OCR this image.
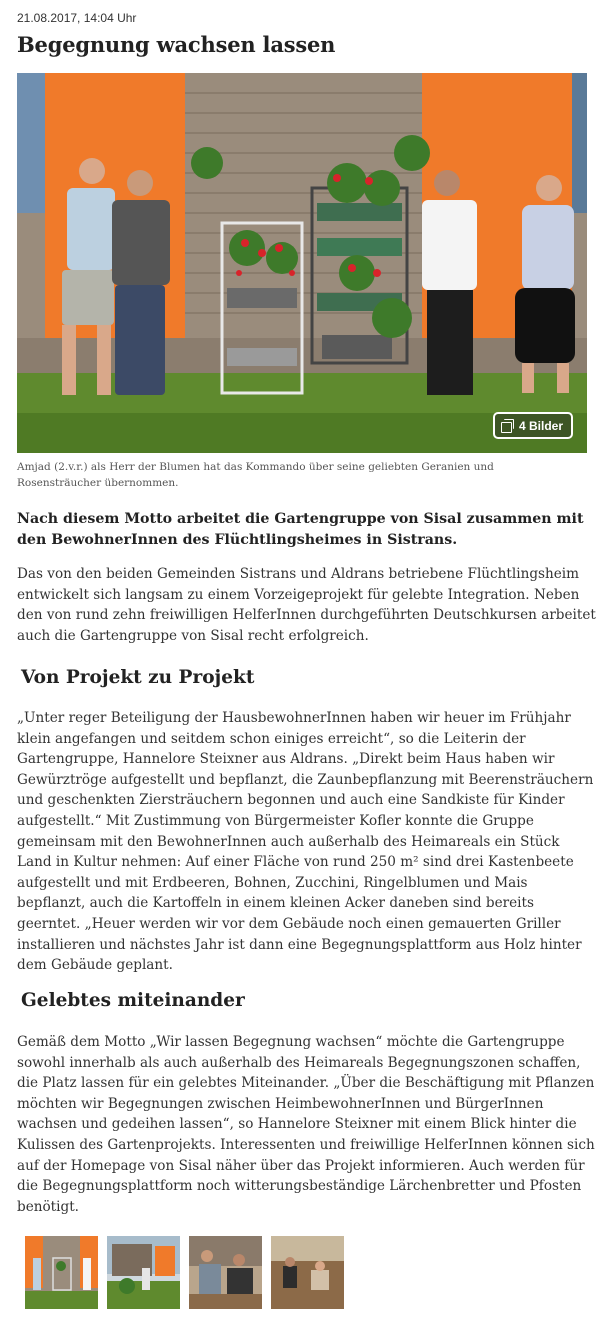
21.08.2017, 14:04 Uhr
Begegnung wachsen lassen
4 Bilder

Amjad (2.v.r.) als Herr der Blumen hat das Kommando über seine geliebten Geranien und Rosensträucher übernommen.

Nach diesem Motto arbeitet die Gartengruppe von Sisal zusammen mit den BewohnerInnen des Flüchtlingsheimes in Sistrans.

Das von den beiden Gemeinden Sistrans und Aldrans betriebene Flüchtlingsheim entwickelt sich langsam zu einem Vorzeigeprojekt für gelebte Integration. Neben den von rund zehn freiwilligen HelferInnen durchgeführten Deutschkursen arbeitet auch die Gartengruppe von Sisal recht erfolgreich.

Von Projekt zu Projekt

„Unter reger Beteiligung der HausbewohnerInnen haben wir heuer im Frühjahr klein angefangen und seitdem schon einiges erreicht“, so die Leiterin der Gartengruppe, Hannelore Steixner aus Aldrans. „Direkt beim Haus haben wir Gewürztröge aufgestellt und bepflanzt, die Zaunbepflanzung mit Beerensträuchern und geschenkten Ziersträuchern begonnen und auch eine Sandkiste für Kinder aufgestellt.“ Mit Zustimmung von Bürgermeister Kofler konnte die Gruppe gemeinsam mit den BewohnerInnen auch außerhalb des Heimareals ein Stück Land in Kultur nehmen: Auf einer Fläche von rund 250 m² sind drei Kastenbeete aufgestellt und mit Erdbeeren, Bohnen, Zucchini, Ringelblumen und Mais bepflanzt, auch die Kartoffeln in einem kleinen Acker daneben sind bereits geerntet. „Heuer werden wir vor dem Gebäude noch einen gemauerten Griller installieren und nächstes Jahr ist dann eine Begegnungsplattform aus Holz hinter dem Gebäude geplant.

Gelebtes miteinander

Gemäß dem Motto „Wir lassen Begegnung wachsen“ möchte die Gartengruppe sowohl innerhalb als auch außerhalb des Heimareals Begegnungszonen schaffen, die Platz lassen für ein gelebtes Miteinander. „Über die Beschäftigung mit Pflanzen möchten wir Begegnungen zwischen HeimbewohnerInnen und BürgerInnen wachsen und gedeihen lassen“, so Hannelore Steixner mit einem Blick hinter die Kulissen des Gartenprojekts. Interessenten und freiwillige HelferInnen können sich auf der Homepage von Sisal näher über das Projekt informieren. Auch werden für die Begegnungsplattform noch witterungsbeständige Lärchenbretter und Pfosten benötigt.
